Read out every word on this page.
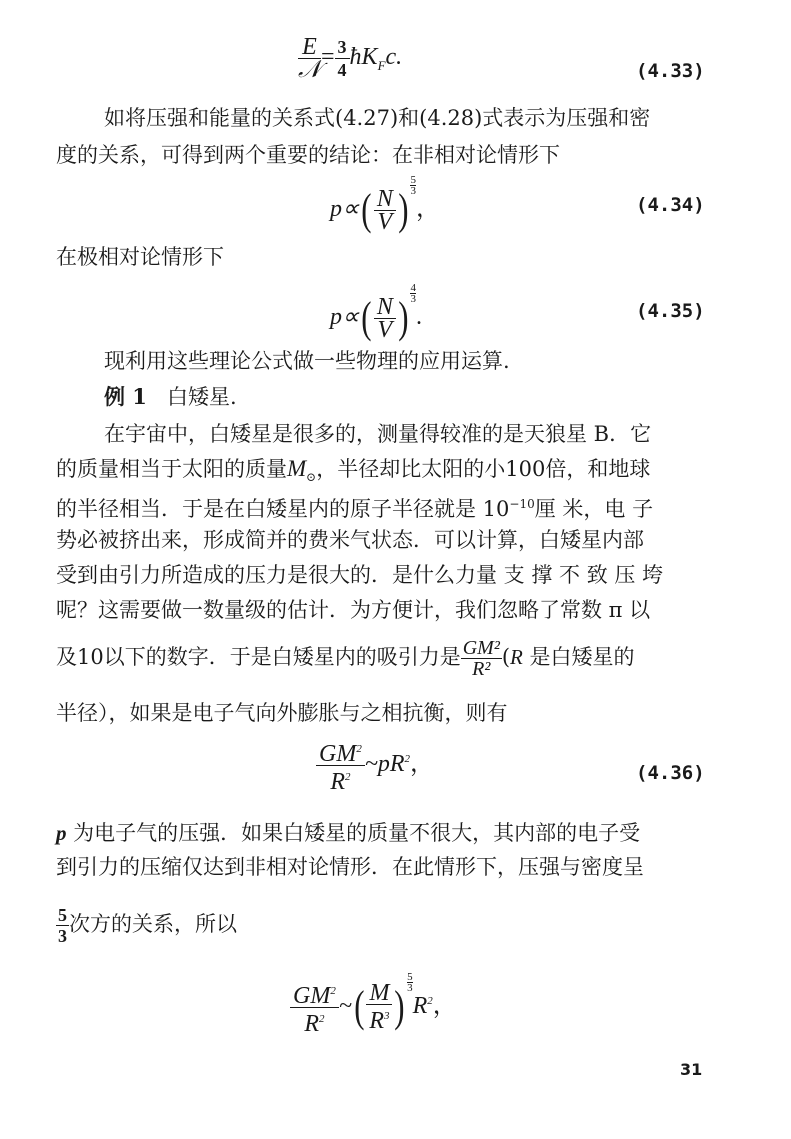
$\frac{E}{\text{𝒩}} = \frac{3}{4}$ $ħK_Fc$.
(4.33)
如将压强和能量的关系式(4.27)和(4.28)式表示为压强和密
度的关系，可得到两个重要的结论：在非相对论情形下
$p\propto( \frac{N}{V}$ ) $\frac{5}{3}$
，	(4.34)
在极相对论情形下
$p\propto( \frac{N}{V}$ ) $\frac{4}{3}$
.	(4.35)
现利用这些理论公式做一些物理的应用运算.
例 1 白矮星.
在宇宙中，白矮星是很多的，测量得较准的是天狼星 B．它
的质量相当于太阳的质量$M_⊙$，半径却比太阳的小100倍，和地球
的半径相当．于是在白矮星内的原子半径就是 $10^{-10}$厘 米，电 子
势必被挤出来，形成简并的费米气状态．可以计算，白矮星内部
受到由引力所造成的压力是很大的．是什么力量 支 撑 不 致 压 垮
呢？这需要做一数量级的估计．为方便计，我们忽略了常数 π 以
及10以下的数字．于是白矮星内的吸引力是 $\frac{\text{GM²}}{\text{R²}} (R$ 是白矮星的
半径），如果是电子气向外膨胀与之相抗衡，则有
$\frac{GM^2}{R^2}$ $\sim pR^2$，	(4.36)
p 为电子气的压强．如果白矮星的质量不很大，其内部的电子受
到引力的压缩仅达到非相对论情形．在此情形下，压强与密度呈
$\frac{5}{3}$ 次方的关系，所以
$\frac{GM^2}{R^2}$ ~( $\frac{M}{R^3}$ ) $\frac{5}{3}$
$R^2$，
31
